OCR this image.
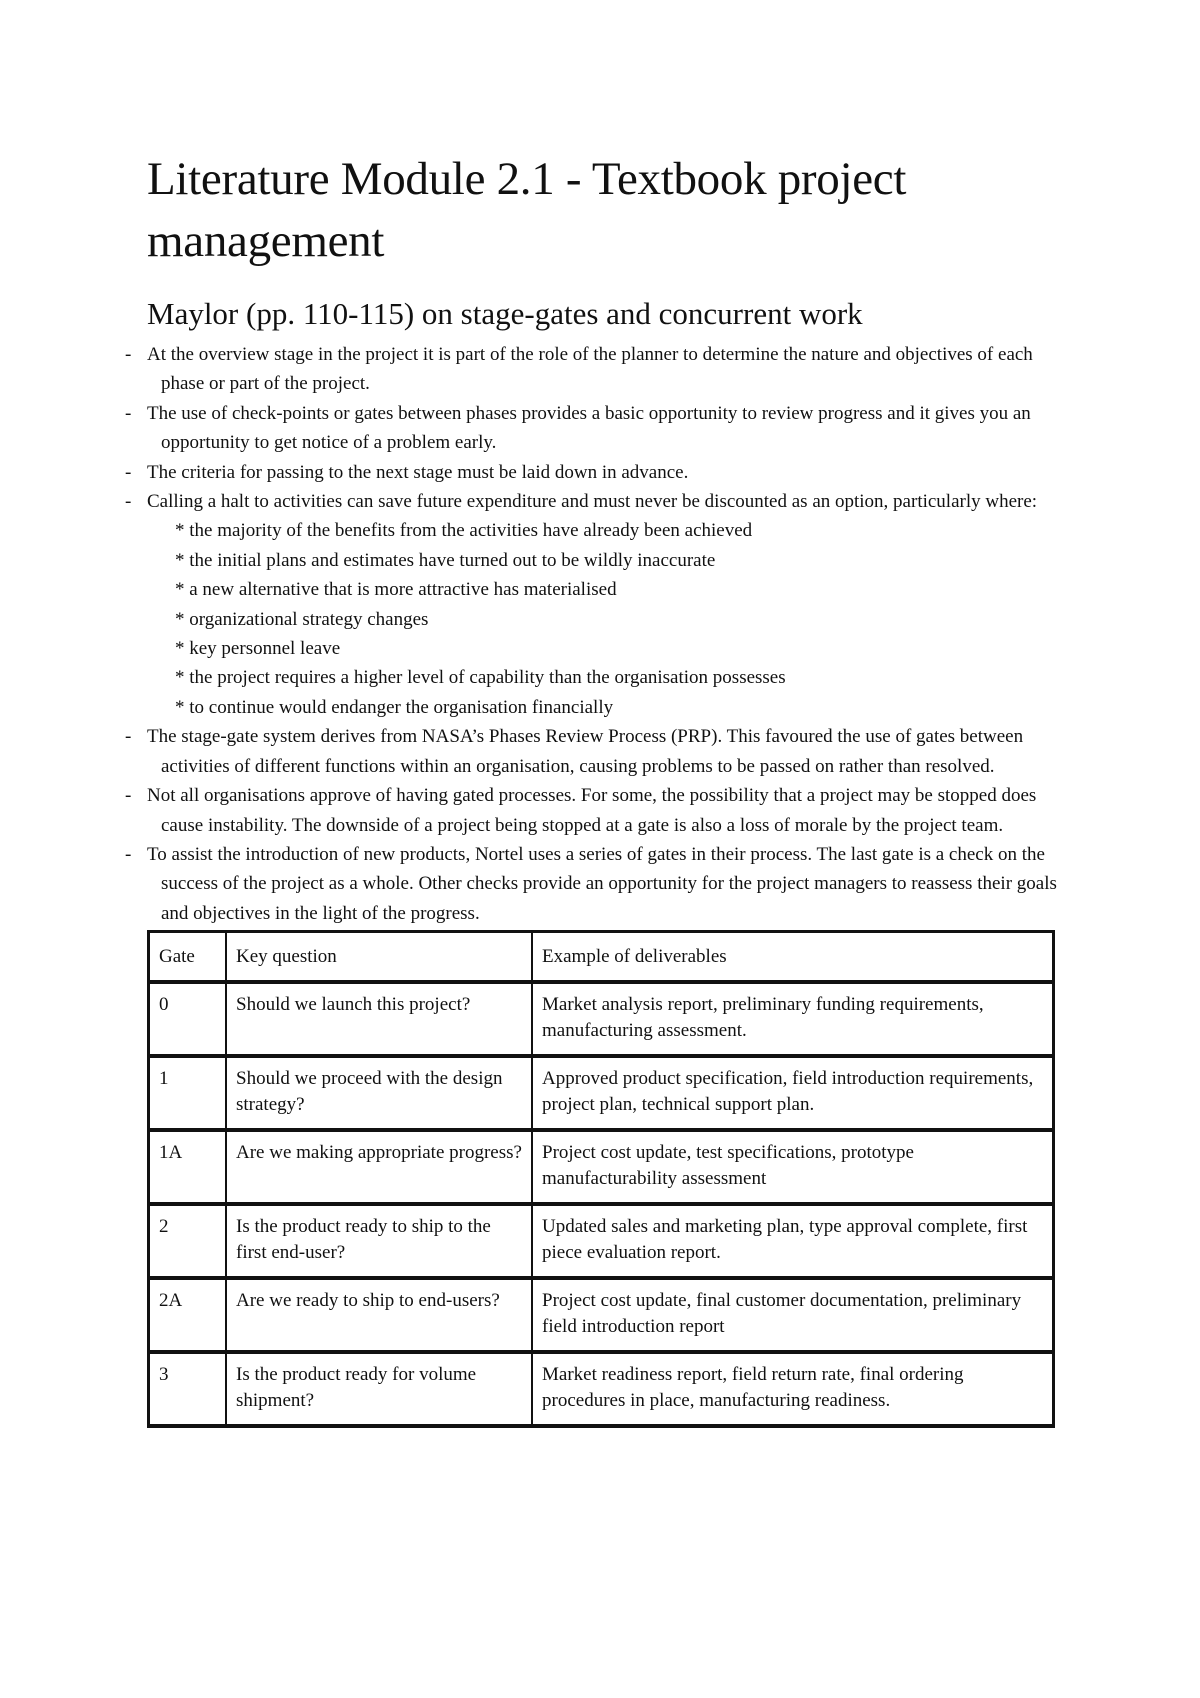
Literature Module 2.1 - Textbook project management
Maylor (pp. 110-115) on stage-gates and concurrent work
- At the overview stage in the project it is part of the role of the planner to determine the nature and objectives of each phase or part of the project.
- The use of check-points or gates between phases provides a basic opportunity to review progress and it gives you an opportunity to get notice of a problem early.
- The criteria for passing to the next stage must be laid down in advance.
- Calling a halt to activities can save future expenditure and must never be discounted as an option, particularly where:
* the majority of the benefits from the activities have already been achieved
* the initial plans and estimates have turned out to be wildly inaccurate
* a new alternative that is more attractive has materialised
* organizational strategy changes
* key personnel leave
* the project requires a higher level of capability than the organisation possesses
* to continue would endanger the organisation financially
- The stage-gate system derives from NASA’s Phases Review Process (PRP). This favoured the use of gates between activities of different functions within an organisation, causing problems to be passed on rather than resolved.
- Not all organisations approve of having gated processes. For some, the possibility that a project may be stopped does cause instability. The downside of a project being stopped at a gate is also a loss of morale by the project team.
- To assist the introduction of new products, Nortel uses a series of gates in their process. The last gate is a check on the success of the project as a whole. Other checks provide an opportunity for the project managers to reassess their goals and objectives in the light of the progress.
Gate	Key question	Example of deliverables
0	Should we launch this project?	Market analysis report, preliminary funding requirements, manufacturing assessment.
1	Should we proceed with the design strategy?	Approved product specification, field introduction requirements, project plan, technical support plan.
1A	Are we making appropriate progress?	Project cost update, test specifications, prototype manufacturability assessment
2	Is the product ready to ship to the first end-user?	Updated sales and marketing plan, type approval complete, first piece evaluation report.
2A	Are we ready to ship to end-users?	Project cost update, final customer documentation, preliminary field introduction report
3	Is the product ready for volume shipment?	Market readiness report, field return rate, final ordering procedures in place, manufacturing readiness.
